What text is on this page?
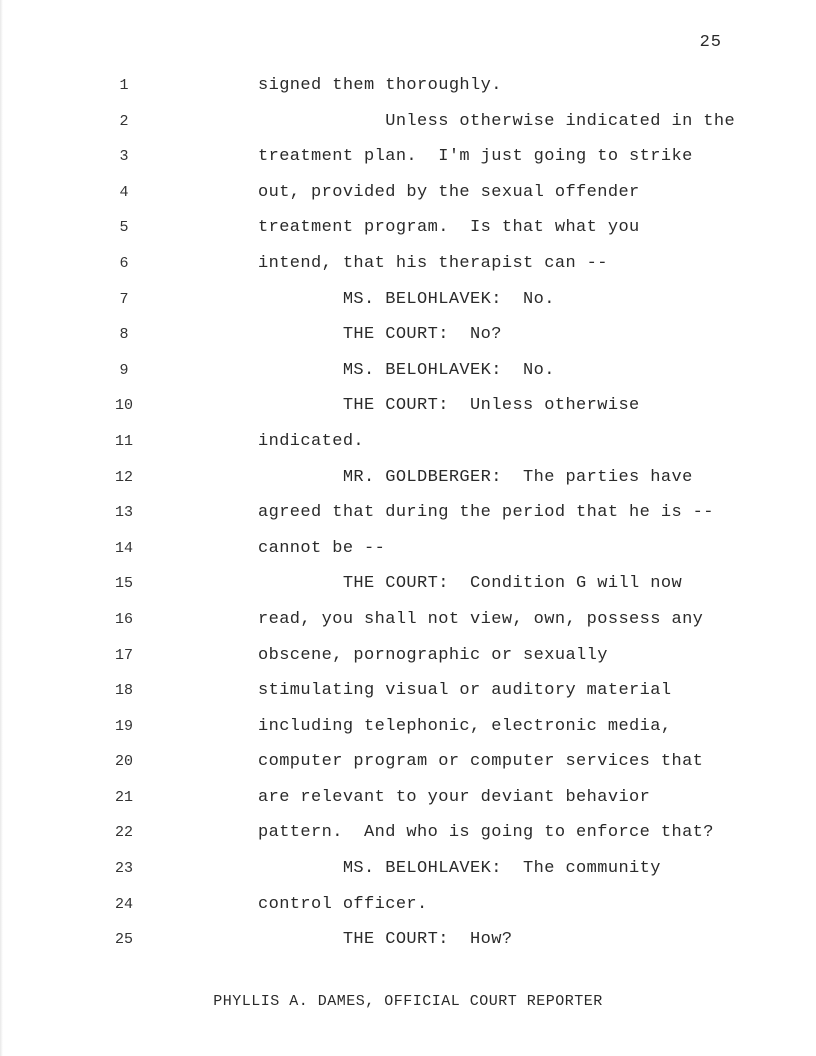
25
1	signed them thoroughly.
2	Unless otherwise indicated in the
3	treatment plan.  I'm just going to strike
4	out, provided by the sexual offender
5	treatment program.  Is that what you
6	intend, that his therapist can --
7	MS. BELOHLAVEK:  No.
8	THE COURT:  No?
9	MS. BELOHLAVEK:  No.
10	THE COURT:  Unless otherwise
11	indicated.
12	MR. GOLDBERGER:  The parties have
13	agreed that during the period that he is --
14	cannot be --
15	THE COURT:  Condition G will now
16	read, you shall not view, own, possess any
17	obscene, pornographic or sexually
18	stimulating visual or auditory material
19	including telephonic, electronic media,
20	computer program or computer services that
21	are relevant to your deviant behavior
22	pattern.  And who is going to enforce that?
23	MS. BELOHLAVEK:  The community
24	control officer.
25	THE COURT:  How?
PHYLLIS A. DAMES, OFFICIAL COURT REPORTER
